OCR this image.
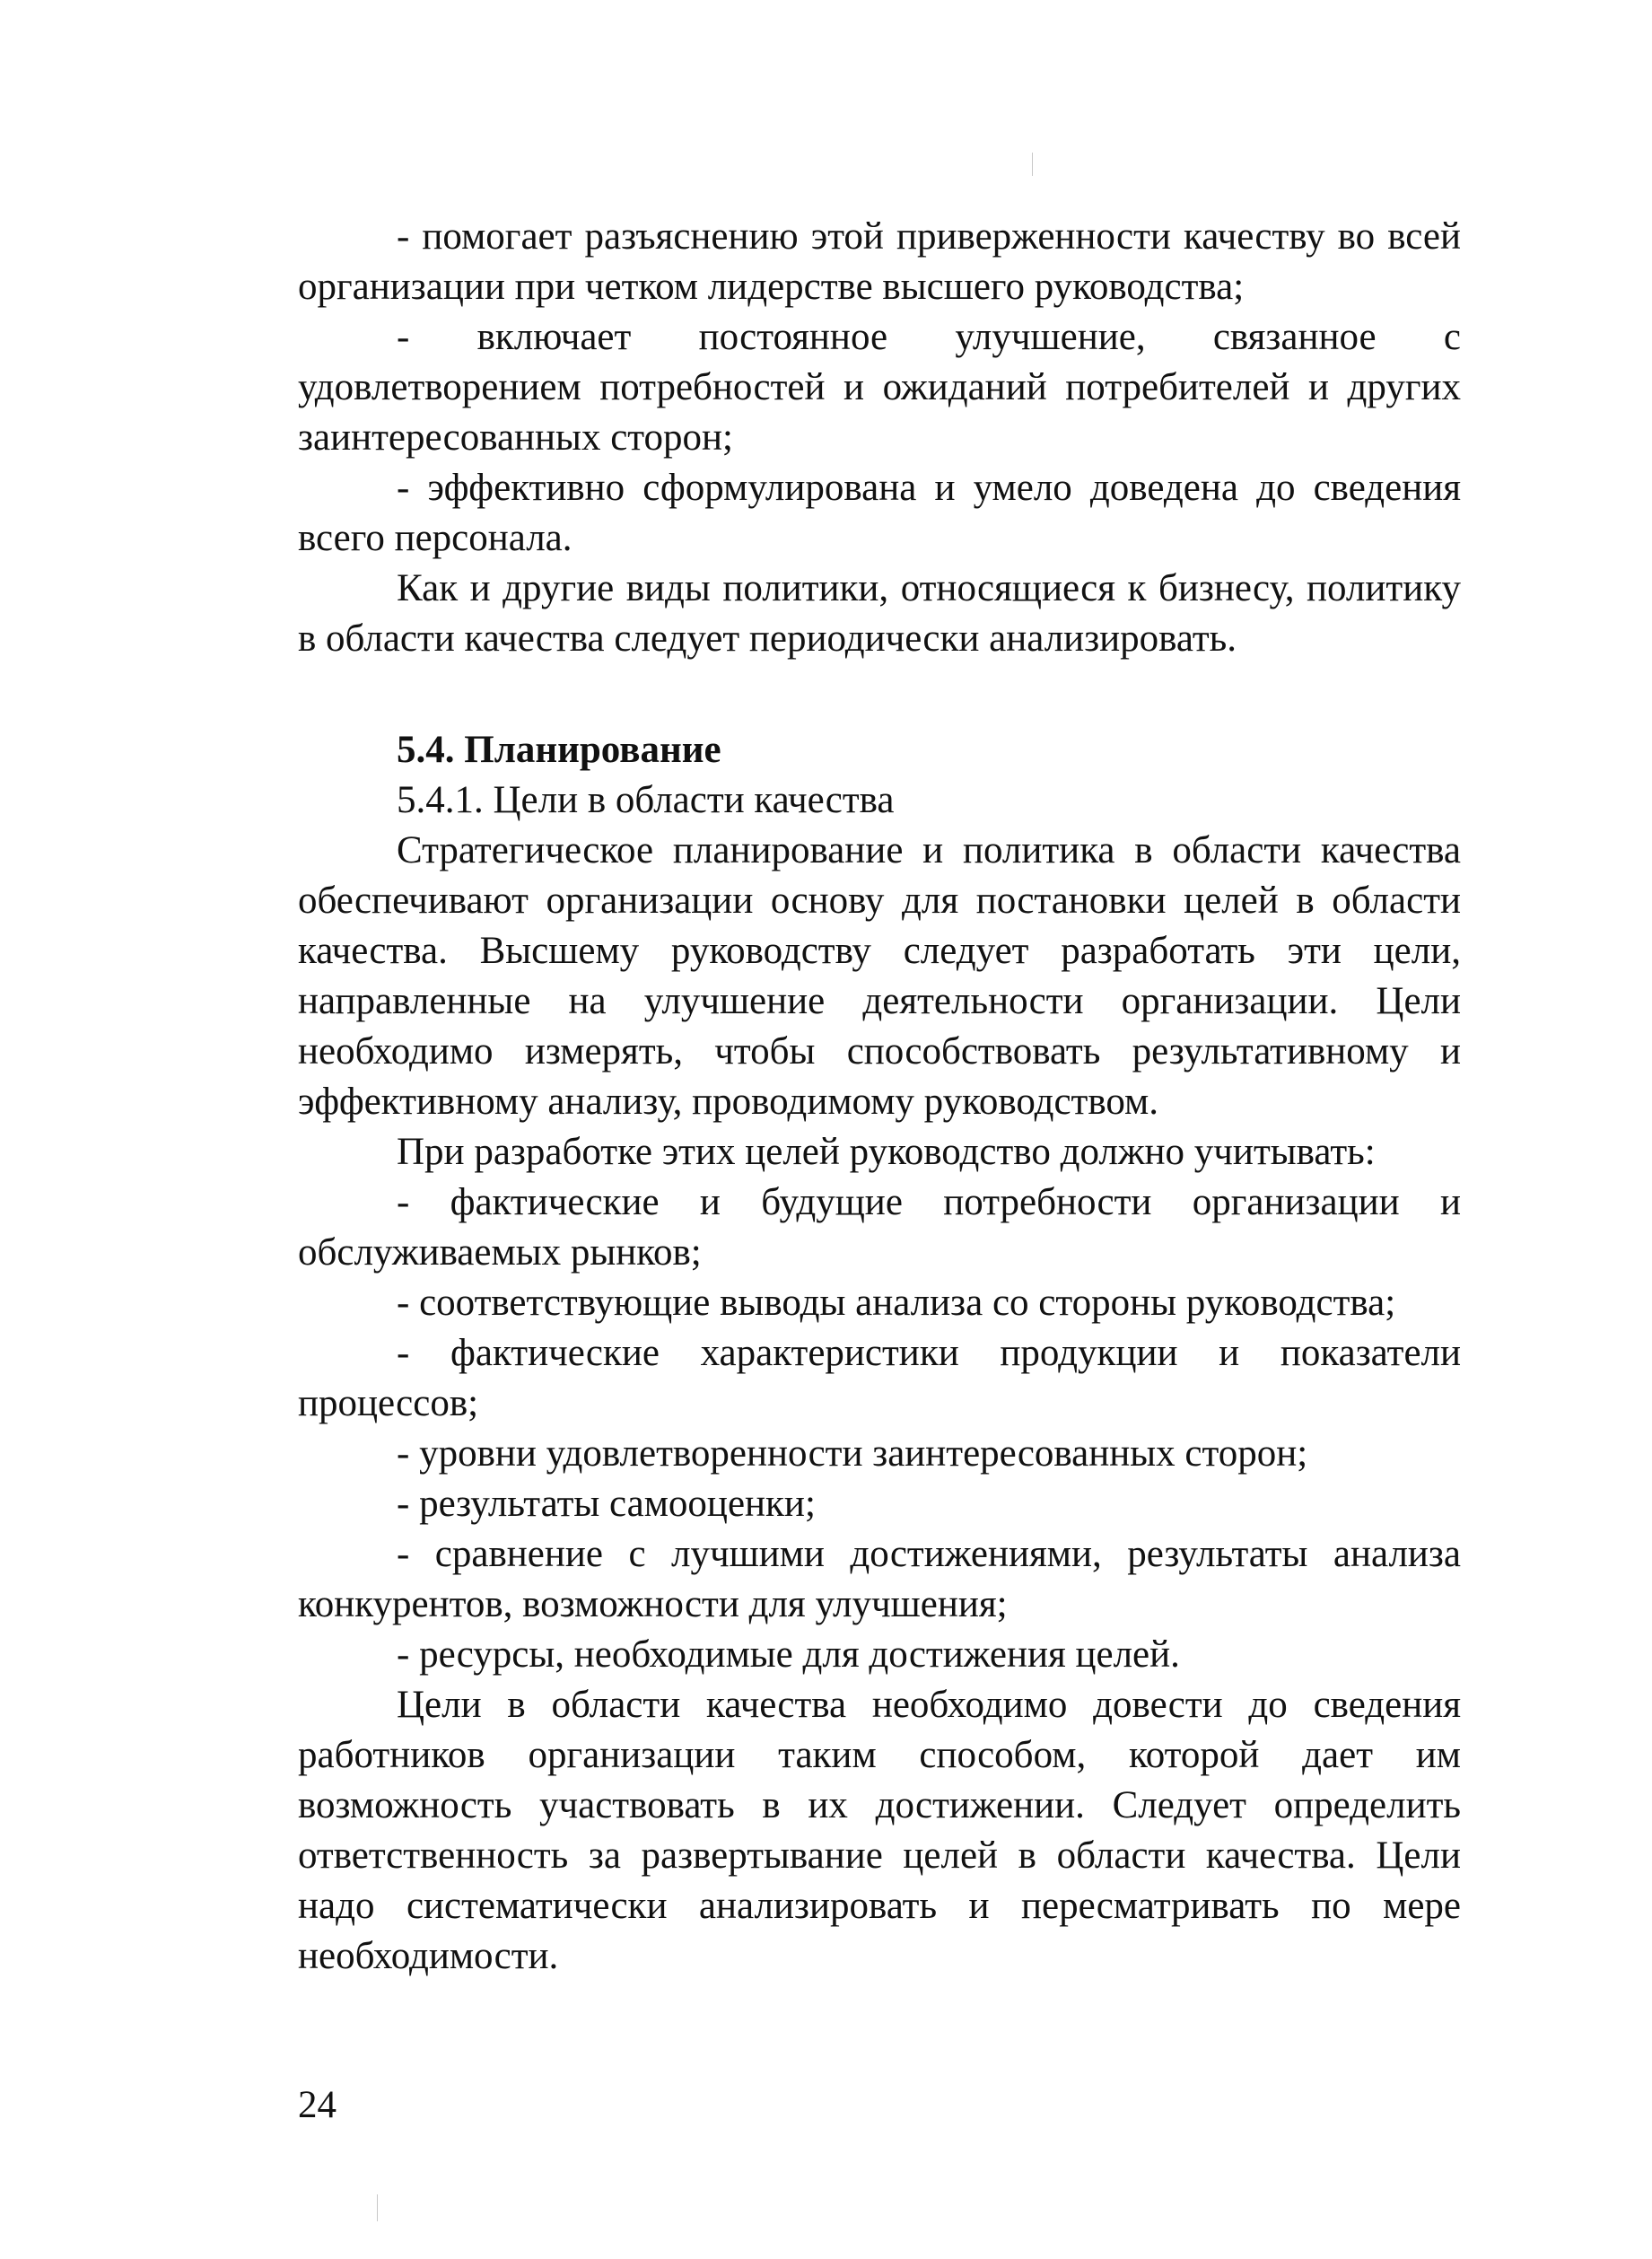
- помогает разъяснению этой приверженности качеству во всей организации при четком лидерстве высшего руководства;

- включает постоянное улучшение, связанное с удовлетворением потребностей и ожиданий потребителей и других заинтересованных сторон;

- эффективно сформулирована и умело доведена до сведения всего персонала.

Как и другие виды политики, относящиеся к бизнесу, политику в области качества следует периодически анализировать.

5.4. Планирование

5.4.1. Цели в области качества

Стратегическое планирование и политика в области качества обеспечивают организации основу для постановки целей в области качества. Высшему руководству следует разработать эти цели, направленные на улучшение деятельности организации. Цели необходимо измерять, чтобы способствовать результативному и эффективному анализу, проводимому руководством.

При разработке этих целей руководство должно учитывать:

- фактические и будущие потребности организации и обслуживаемых рынков;

- соответствующие выводы анализа со стороны руководства;

- фактические характеристики продукции и показатели процессов;

- уровни удовлетворенности заинтересованных сторон;

- результаты самооценки;

- сравнение с лучшими достижениями, результаты анализа конкурентов, возможности для улучшения;

- ресурсы, необходимые для достижения целей.

Цели в области качества необходимо довести до сведения работников организации таким способом, которой дает им возможность участвовать в их достижении. Следует определить ответственность за развертывание целей в области качества. Цели надо систематически анализировать и пересматривать по мере необходимости.

24
